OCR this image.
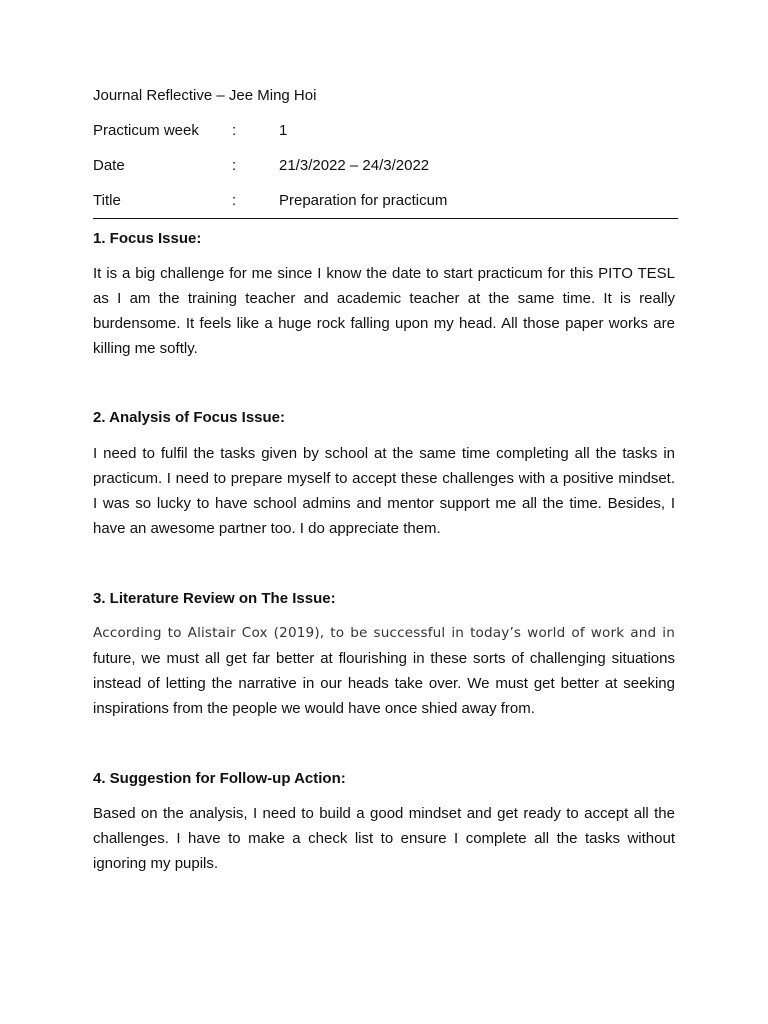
Journal Reflective – Jee Ming Hoi
Practicum week :	1
Date	:	21/3/2022 – 24/3/2022
Title	:	Preparation for practicum
1. Focus Issue:
It is a big challenge for me since I know the date to start practicum for this PITO TESL
as I am the training teacher and academic teacher at the same time. It is really
burdensome. It feels like a huge rock falling upon my head. All those paper works are
killing me softly.
2. Analysis of Focus Issue:
I need to fulfil the tasks given by school at the same time completing all the tasks in
practicum. I need to prepare myself to accept these challenges with a positive mindset.
I was so lucky to have school admins and mentor support me all the time. Besides, I
have an awesome partner too. I do appreciate them.
3. Literature Review on The Issue:
According to Alistair Cox (2019), to be successful in today’s world of work and in
future, we must all get far better at flourishing in these sorts of challenging situations
instead of letting the narrative in our heads take over. We must get better at seeking
inspirations from the people we would have once shied away from.
4. Suggestion for Follow-up Action:
Based on the analysis, I need to build a good mindset and get ready to accept all the
challenges. I have to make a check list to ensure I complete all the tasks without
ignoring my pupils.
